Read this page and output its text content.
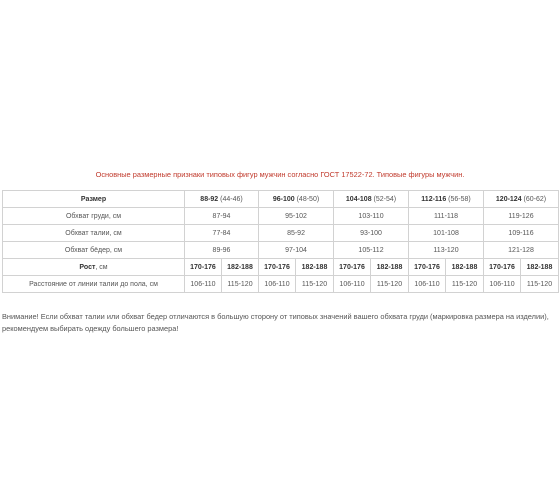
Основные размерные признаки типовых фигур мужчин согласно ГОСТ 17522-72. Типовые фигуры мужчин.
Размер	88-92 (44-46)		96-100 (48-50)		104-108 (52-54)		112-116 (56-58)		120-124 (60-62)	
Обхват груди, см	87-94		95-102		103-110		111-118		119-126	
Обхват талии, см	77-84		85-92		93-100		101-108		109-116	
Обхват бёдер, см	89-96		97-104		105-112		113-120		121-128	
Рост, см	170-176	182-188	170-176	182-188	170-176	182-188	170-176	182-188	170-176	182-188
Расстояние от линии талии до пола, см	106-110	115-120	106-110	115-120	106-110	115-120	106-110	115-120	106-110	115-120
Внимание! Если обхват талии или обхват бедер отличаются в большую сторону от типовых значений вашего обхвата груди (маркировка размера на изделии), рекомендуем выбирать одежду большего размера!
